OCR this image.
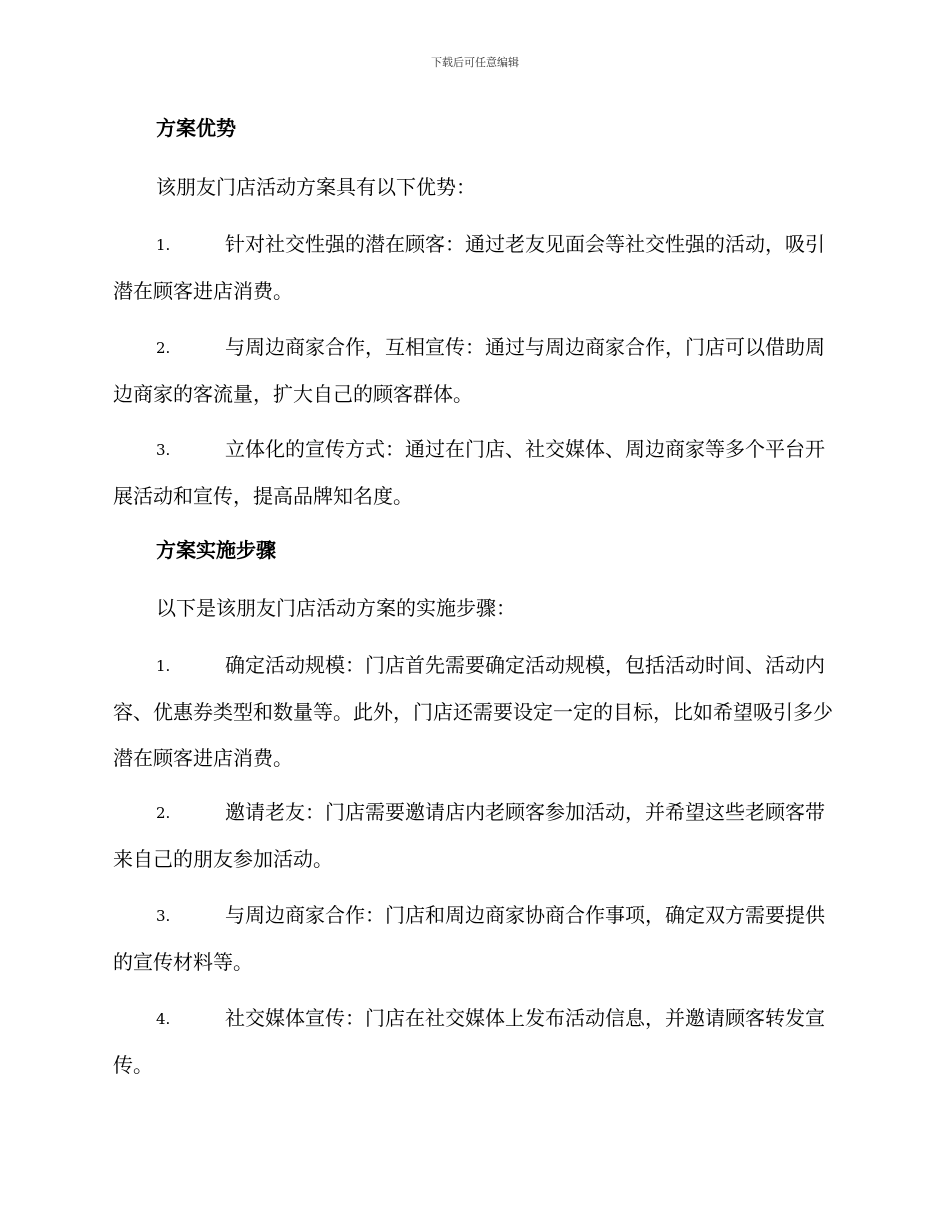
下载后可任意编辑
方案优势

该朋友门店活动方案具有以下优势：

1.	针对社交性强的潜在顾客：通过老友见面会等社交性强的活动，吸引潜在顾客进店消费。

2.	与周边商家合作，互相宣传：通过与周边商家合作，门店可以借助周边商家的客流量，扩大自己的顾客群体。

3.	立体化的宣传方式：通过在门店、社交媒体、周边商家等多个平台开展活动和宣传，提高品牌知名度。

方案实施步骤

以下是该朋友门店活动方案的实施步骤：

1.	确定活动规模：门店首先需要确定活动规模，包括活动时间、活动内容、优惠券类型和数量等。此外，门店还需要设定一定的目标，比如希望吸引多少潜在顾客进店消费。

2.	邀请老友：门店需要邀请店内老顾客参加活动，并希望这些老顾客带来自己的朋友参加活动。

3.	与周边商家合作：门店和周边商家协商合作事项，确定双方需要提供的宣传材料等。

4.	社交媒体宣传：门店在社交媒体上发布活动信息，并邀请顾客转发宣传。
